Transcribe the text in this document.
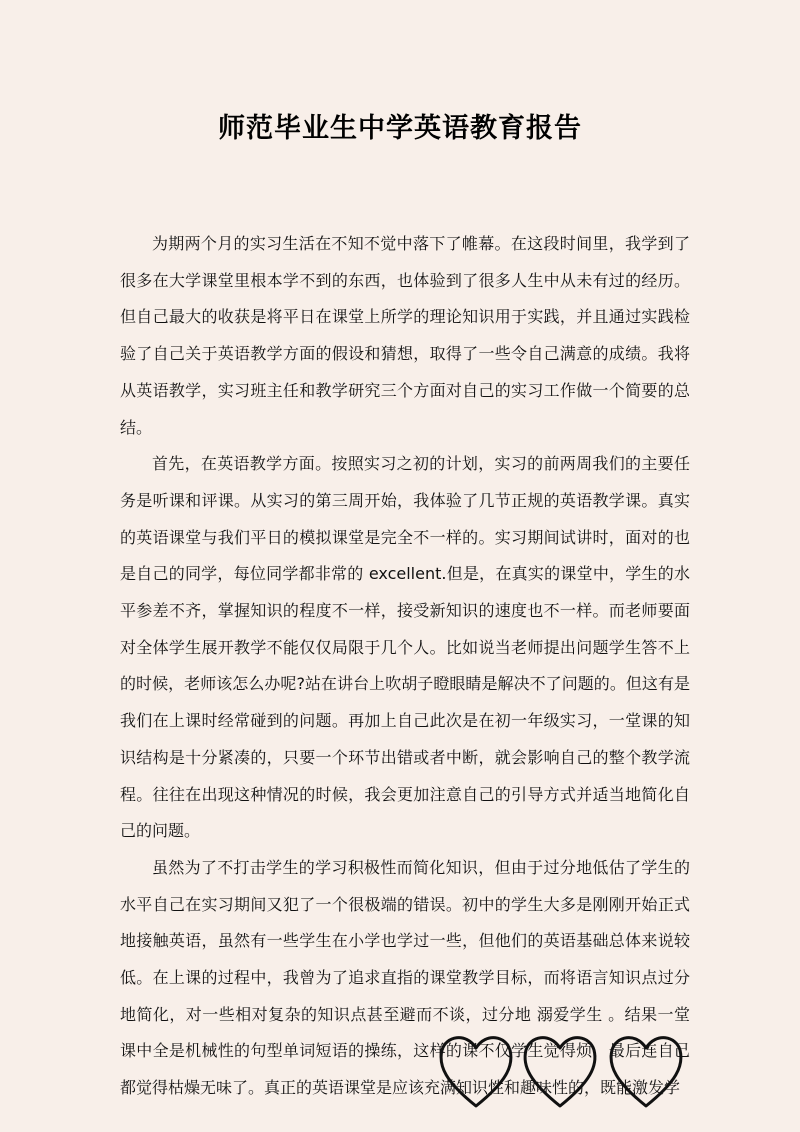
师范毕业生中学英语教育报告

为期两个月的实习生活在不知不觉中落下了帷幕。在这段时间里，我学到了很多在大学课堂里根本学不到的东西，也体验到了很多人生中从未有过的经历。但自己最大的收获是将平日在课堂上所学的理论知识用于实践，并且通过实践检验了自己关于英语教学方面的假设和猜想，取得了一些令自己满意的成绩。我将从英语教学，实习班主任和教学研究三个方面对自己的实习工作做一个简要的总结。

首先，在英语教学方面。按照实习之初的计划，实习的前两周我们的主要任务是听课和评课。从实习的第三周开始，我体验了几节正规的英语教学课。真实的英语课堂与我们平日的模拟课堂是完全不一样的。实习期间试讲时，面对的也是自己的同学，每位同学都非常的 excellent.但是，在真实的课堂中，学生的水平参差不齐，掌握知识的程度不一样，接受新知识的速度也不一样。而老师要面对全体学生展开教学不能仅仅局限于几个人。比如说当老师提出问题学生答不上的时候，老师该怎么办呢?站在讲台上吹胡子瞪眼睛是解决不了问题的。但这有是我们在上课时经常碰到的问题。再加上自己此次是在初一年级实习，一堂课的知识结构是十分紧凑的，只要一个环节出错或者中断，就会影响自己的整个教学流程。往往在出现这种情况的时候，我会更加注意自己的引导方式并适当地简化自己的问题。

虽然为了不打击学生的学习积极性而简化知识，但由于过分地低估了学生的水平自己在实习期间又犯了一个很极端的错误。初中的学生大多是刚刚开始正式地接触英语，虽然有一些学生在小学也学过一些，但他们的英语基础总体来说较低。在上课的过程中，我曾为了追求直指的课堂教学目标，而将语言知识点过分地简化，对一些相对复杂的知识点甚至避而不谈，过分地 溺爱学生 。结果一堂课中全是机械性的句型单词短语的操练，这样的课不仅学生觉得烦，最后连自己都觉得枯燥无味了。真正的英语课堂是应该充满知识性和趣味性的，既能激发学
